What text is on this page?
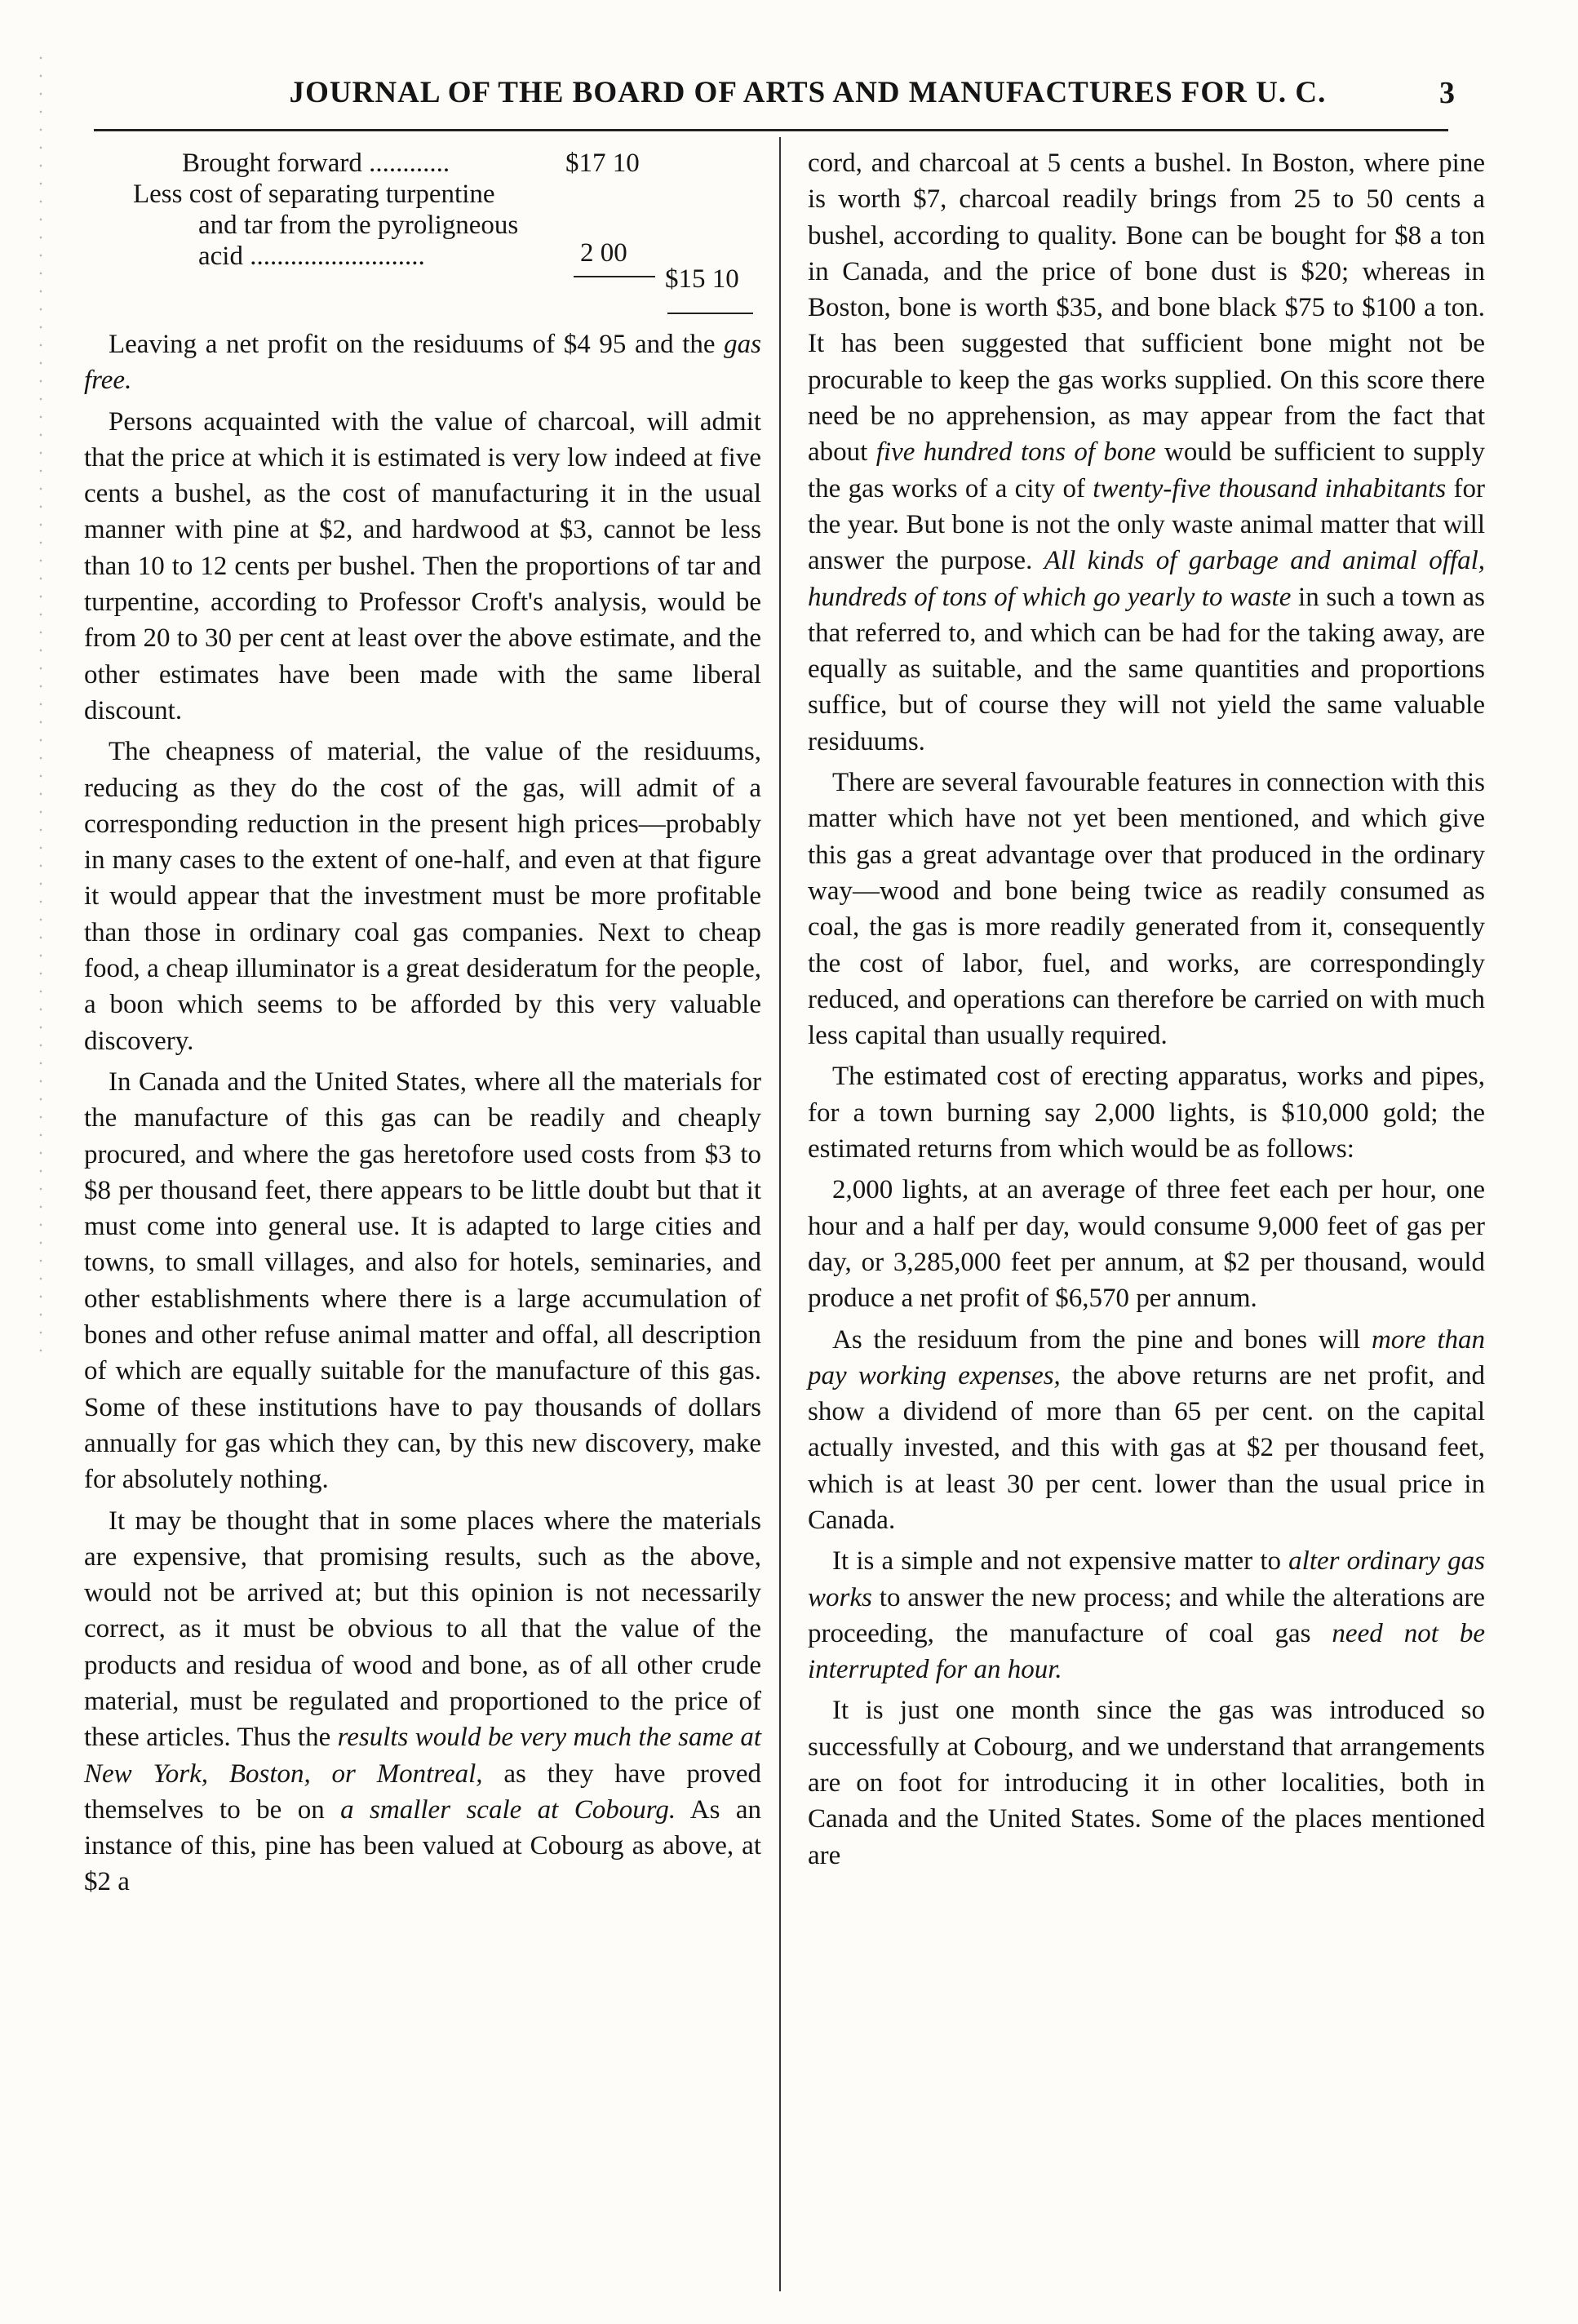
JOURNAL OF THE BOARD OF ARTS AND MANUFACTURES FOR U. C.	3
Brought forward ............	$17 10
Less cost of separating turpentine
and tar from the pyroligneous
acid ..........................	2 00
$15 10

Leaving a net profit on the residuums of $4 95 and the gas free.

Persons acquainted with the value of charcoal, will admit that the price at which it is estimated is very low indeed at five cents a bushel, as the cost of manufacturing it in the usual manner with pine at $2, and hardwood at $3, cannot be less than 10 to 12 cents per bushel. Then the proportions of tar and turpentine, according to Professor Croft's analysis, would be from 20 to 30 per cent at least over the above estimate, and the other estimates have been made with the same liberal discount.

The cheapness of material, the value of the residuums, reducing as they do the cost of the gas, will admit of a corresponding reduction in the present high prices—probably in many cases to the extent of one-half, and even at that figure it would appear that the investment must be more profitable than those in ordinary coal gas companies. Next to cheap food, a cheap illuminator is a great desideratum for the people, a boon which seems to be afforded by this very valuable discovery.

In Canada and the United States, where all the materials for the manufacture of this gas can be readily and cheaply procured, and where the gas heretofore used costs from $3 to $8 per thousand feet, there appears to be little doubt but that it must come into general use. It is adapted to large cities and towns, to small villages, and also for hotels, seminaries, and other establishments where there is a large accumulation of bones and other refuse animal matter and offal, all description of which are equally suitable for the manufacture of this gas. Some of these institutions have to pay thousands of dollars annually for gas which they can, by this new discovery, make for absolutely nothing.

It may be thought that in some places where the materials are expensive, that promising results, such as the above, would not be arrived at; but this opinion is not necessarily correct, as it must be obvious to all that the value of the products and residua of wood and bone, as of all other crude material, must be regulated and proportioned to the price of these articles. Thus the results would be very much the same at New York, Boston, or Montreal, as they have proved themselves to be on a smaller scale at Cobourg. As an instance of this, pine has been valued at Cobourg as above, at $2 a

cord, and charcoal at 5 cents a bushel. In Boston, where pine is worth $7, charcoal readily brings from 25 to 50 cents a bushel, according to quality. Bone can be bought for $8 a ton in Canada, and the price of bone dust is $20; whereas in Boston, bone is worth $35, and bone black $75 to $100 a ton. It has been suggested that sufficient bone might not be procurable to keep the gas works supplied. On this score there need be no apprehension, as may appear from the fact that about five hundred tons of bone would be sufficient to supply the gas works of a city of twenty-five thousand inhabitants for the year. But bone is not the only waste animal matter that will answer the purpose. All kinds of garbage and animal offal, hundreds of tons of which go yearly to waste in such a town as that referred to, and which can be had for the taking away, are equally as suitable, and the same quantities and proportions suffice, but of course they will not yield the same valuable residuums.

There are several favourable features in connection with this matter which have not yet been mentioned, and which give this gas a great advantage over that produced in the ordinary way—wood and bone being twice as readily consumed as coal, the gas is more readily generated from it, consequently the cost of labor, fuel, and works, are correspondingly reduced, and operations can therefore be carried on with much less capital than usually required.

The estimated cost of erecting apparatus, works and pipes, for a town burning say 2,000 lights, is $10,000 gold; the estimated returns from which would be as follows:

2,000 lights, at an average of three feet each per hour, one hour and a half per day, would consume 9,000 feet of gas per day, or 3,285,000 feet per annum, at $2 per thousand, would produce a net profit of $6,570 per annum.

As the residuum from the pine and bones will more than pay working expenses, the above returns are net profit, and show a dividend of more than 65 per cent. on the capital actually invested, and this with gas at $2 per thousand feet, which is at least 30 per cent. lower than the usual price in Canada.

It is a simple and not expensive matter to alter ordinary gas works to answer the new process; and while the alterations are proceeding, the manufacture of coal gas need not be interrupted for an hour.

It is just one month since the gas was introduced so successfully at Cobourg, and we understand that arrangements are on foot for introducing it in other localities, both in Canada and the United States. Some of the places mentioned are
